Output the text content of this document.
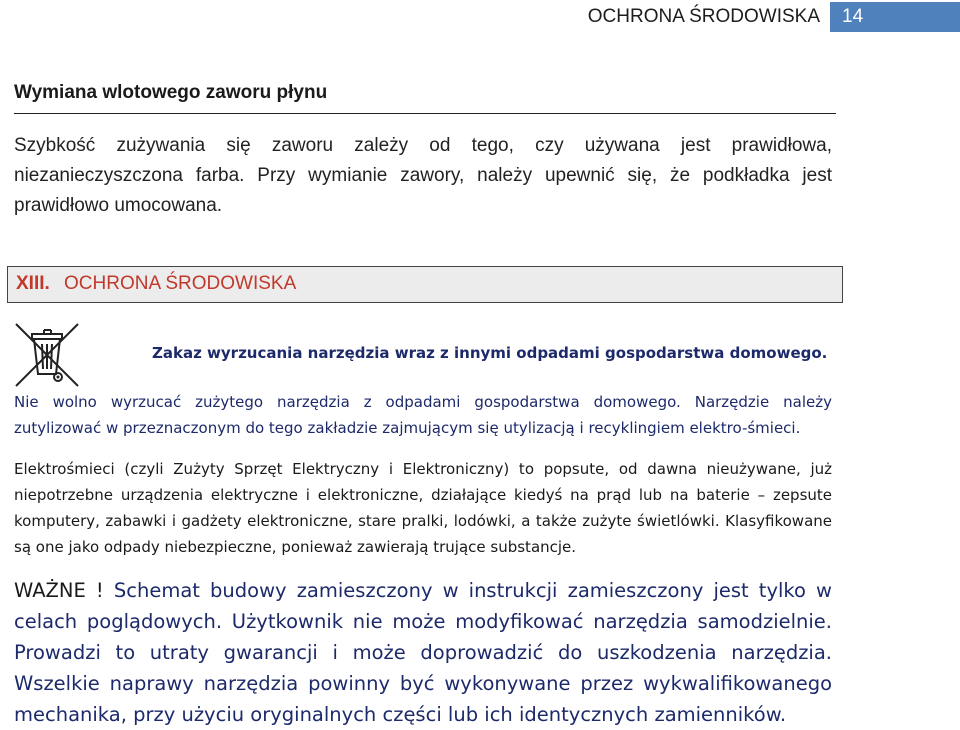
OCHRONA ŚRODOWISKA	14
Wymiana wlotowego zaworu płynu
Szybkość zużywania się zaworu zależy od tego, czy używana jest prawidłowa, niezanieczyszczona farba. Przy wymianie zawory, należy upewnić się, że podkładka jest prawidłowo umocowana.
XIII. OCHRONA ŚRODOWISKA
Zakaz wyrzucania narzędzia wraz z innymi odpadami gospodarstwa domowego.
Nie wolno wyrzucać zużytego narzędzia z odpadami gospodarstwa domowego. Narzędzie należy zutylizować w przeznaczonym do tego zakładzie zajmującym się utylizacją i recyklingiem elektro-śmieci.
Elektrośmieci (czyli Zużyty Sprzęt Elektryczny i Elektroniczny) to popsute, od dawna nieużywane, już niepotrzebne urządzenia elektryczne i elektroniczne, działające kiedyś na prąd lub na baterie – zepsute komputery, zabawki i gadżety elektroniczne, stare pralki, lodówki, a także zużyte świetlówki. Klasyfikowane są one jako odpady niebezpieczne, ponieważ zawierają trujące substancje.
WAŻNE ! Schemat budowy zamieszczony w instrukcji zamieszczony jest tylko w celach poglądowych. Użytkownik nie może modyfikować narzędzia samodzielnie. Prowadzi to utraty gwarancji i może doprowadzić do uszkodzenia narzędzia. Wszelkie naprawy narzędzia powinny być wykonywane przez wykwalifikowanego mechanika, przy użyciu oryginalnych części lub ich identycznych zamienników.
